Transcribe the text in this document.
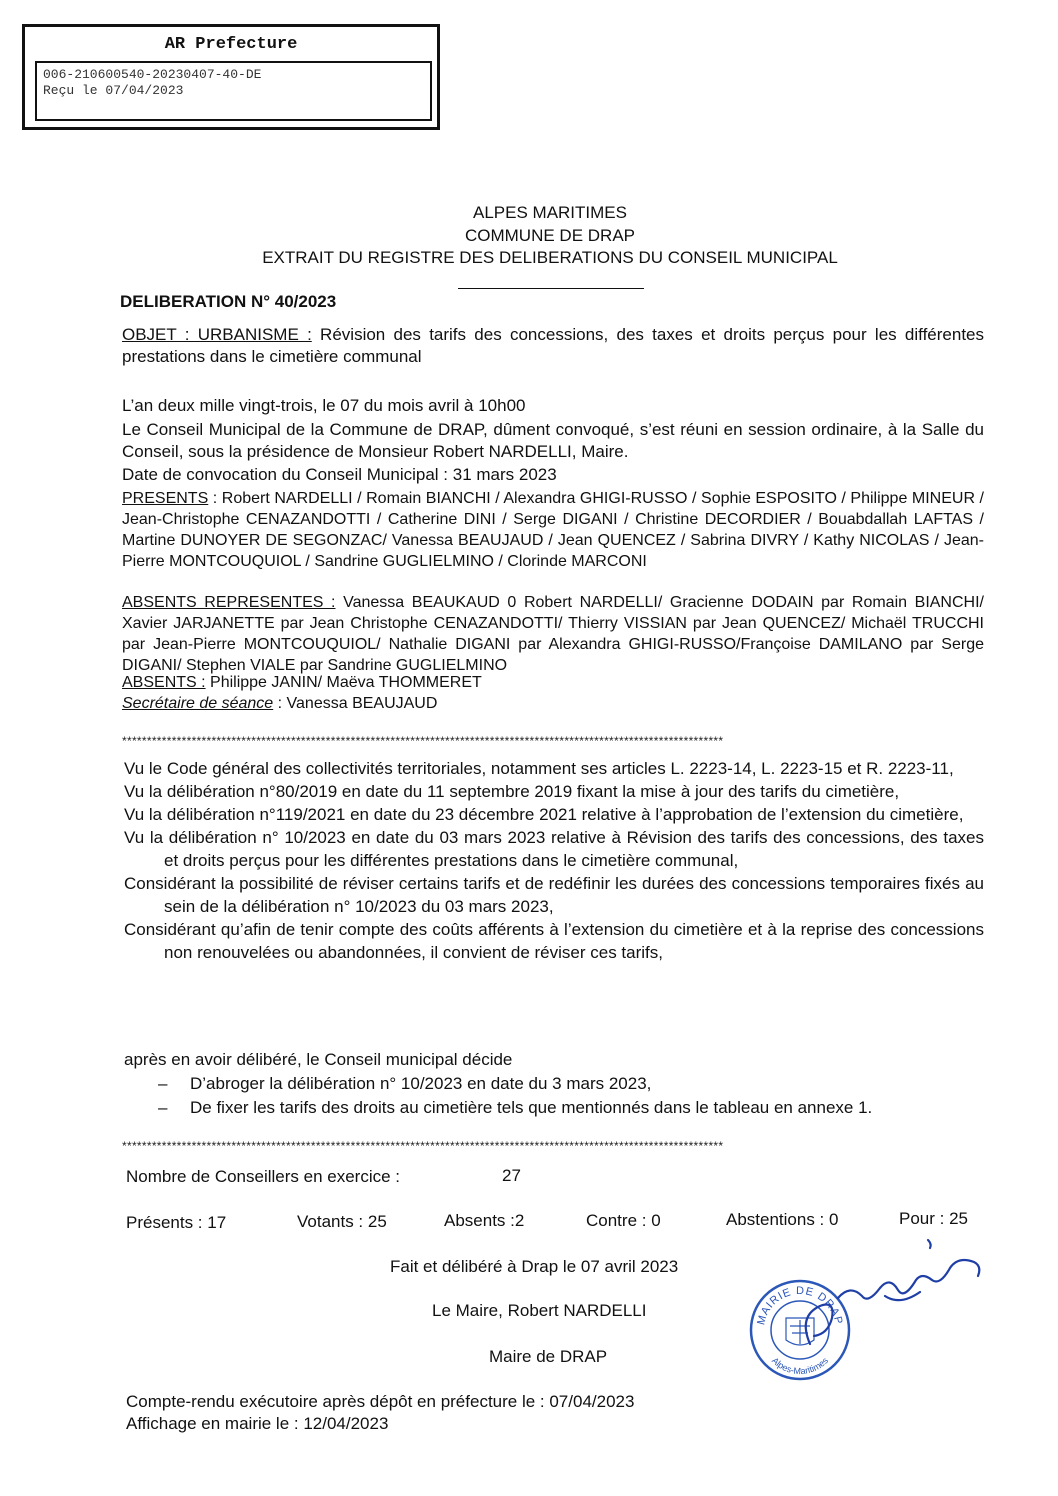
AR Prefecture
006-210600540-20230407-40-DE
Reçu le 07/04/2023
ALPES MARITIMES
COMMUNE DE DRAP
EXTRAIT DU REGISTRE DES DELIBERATIONS DU CONSEIL MUNICIPAL
DELIBERATION N° 40/2023
OBJET : URBANISME : Révision des tarifs des concessions, des taxes et droits perçus pour les différentes prestations dans le cimetière communal
L’an deux mille vingt-trois, le 07 du mois avril à 10h00
Le Conseil Municipal de la Commune de DRAP, dûment convoqué, s’est réuni en session ordinaire, à la Salle du Conseil, sous la présidence de Monsieur Robert NARDELLI, Maire.
Date de convocation du Conseil Municipal : 31 mars 2023
PRESENTS : Robert NARDELLI / Romain BIANCHI / Alexandra GHIGI-RUSSO / Sophie ESPOSITO / Philippe MINEUR / Jean-Christophe CENAZANDOTTI / Catherine DINI / Serge DIGANI / Christine DECORDIER / Bouabdallah LAFTAS / Martine DUNOYER DE SEGONZAC/ Vanessa BEAUJAUD / Jean QUENCEZ / Sabrina DIVRY / Kathy NICOLAS / Jean-Pierre MONTCOUQUIOL / Sandrine GUGLIELMINO / Clorinde MARCONI
ABSENTS REPRESENTES : Vanessa BEAUKAUD 0 Robert NARDELLI/ Gracienne DODAIN par Romain BIANCHI/ Xavier JARJANETTE par Jean Christophe CENAZANDOTTI/ Thierry VISSIAN par Jean QUENCEZ/ Michaël TRUCCHI par Jean-Pierre MONTCOUQUIOL/ Nathalie DIGANI par Alexandra GHIGI-RUSSO/Françoise DAMILANO par Serge DIGANI/ Stephen VIALE par Sandrine GUGLIELMINO
ABSENTS : Philippe JANIN/ Maëva THOMMERET
Secrétaire de séance : Vanessa BEAUJAUD
*************************************************************************************************************************
Vu le Code général des collectivités territoriales, notamment ses articles L. 2223-14, L. 2223-15 et R. 2223-11,
Vu la délibération n°80/2019 en date du 11 septembre 2019 fixant la mise à jour des tarifs du cimetière,
Vu la délibération n°119/2021 en date du 23 décembre 2021 relative à l’approbation de l’extension du cimetière,
Vu la délibération n° 10/2023 en date du 03 mars 2023 relative à Révision des tarifs des concessions, des taxes et droits perçus pour les différentes prestations dans le cimetière communal,
Considérant la possibilité de réviser certains tarifs et de redéfinir les durées des concessions temporaires fixés au sein de la délibération n° 10/2023 du 03 mars 2023,
Considérant qu’afin de tenir compte des coûts afférents à l’extension du cimetière et à la reprise des concessions non renouvelées ou abandonnées, il convient de réviser ces tarifs,
après en avoir délibéré, le Conseil municipal décide
– D’abroger la délibération n° 10/2023 en date du 3 mars 2023,
– De fixer les tarifs des droits au cimetière tels que mentionnés dans le tableau en annexe 1.
*************************************************************************************************************************
Nombre de Conseillers en exercice :	27
Présents : 17	Votants : 25	Absents :2	Contre : 0	Abstentions : 0	Pour : 25
Fait et délibéré à Drap le 07 avril 2023
Le Maire, Robert NARDELLI
Maire de DRAP
MAIRIE DE DRAP
Alpes-Maritimes
Compte-rendu exécutoire après dépôt en préfecture le : 07/04/2023
Affichage en mairie le : 12/04/2023
